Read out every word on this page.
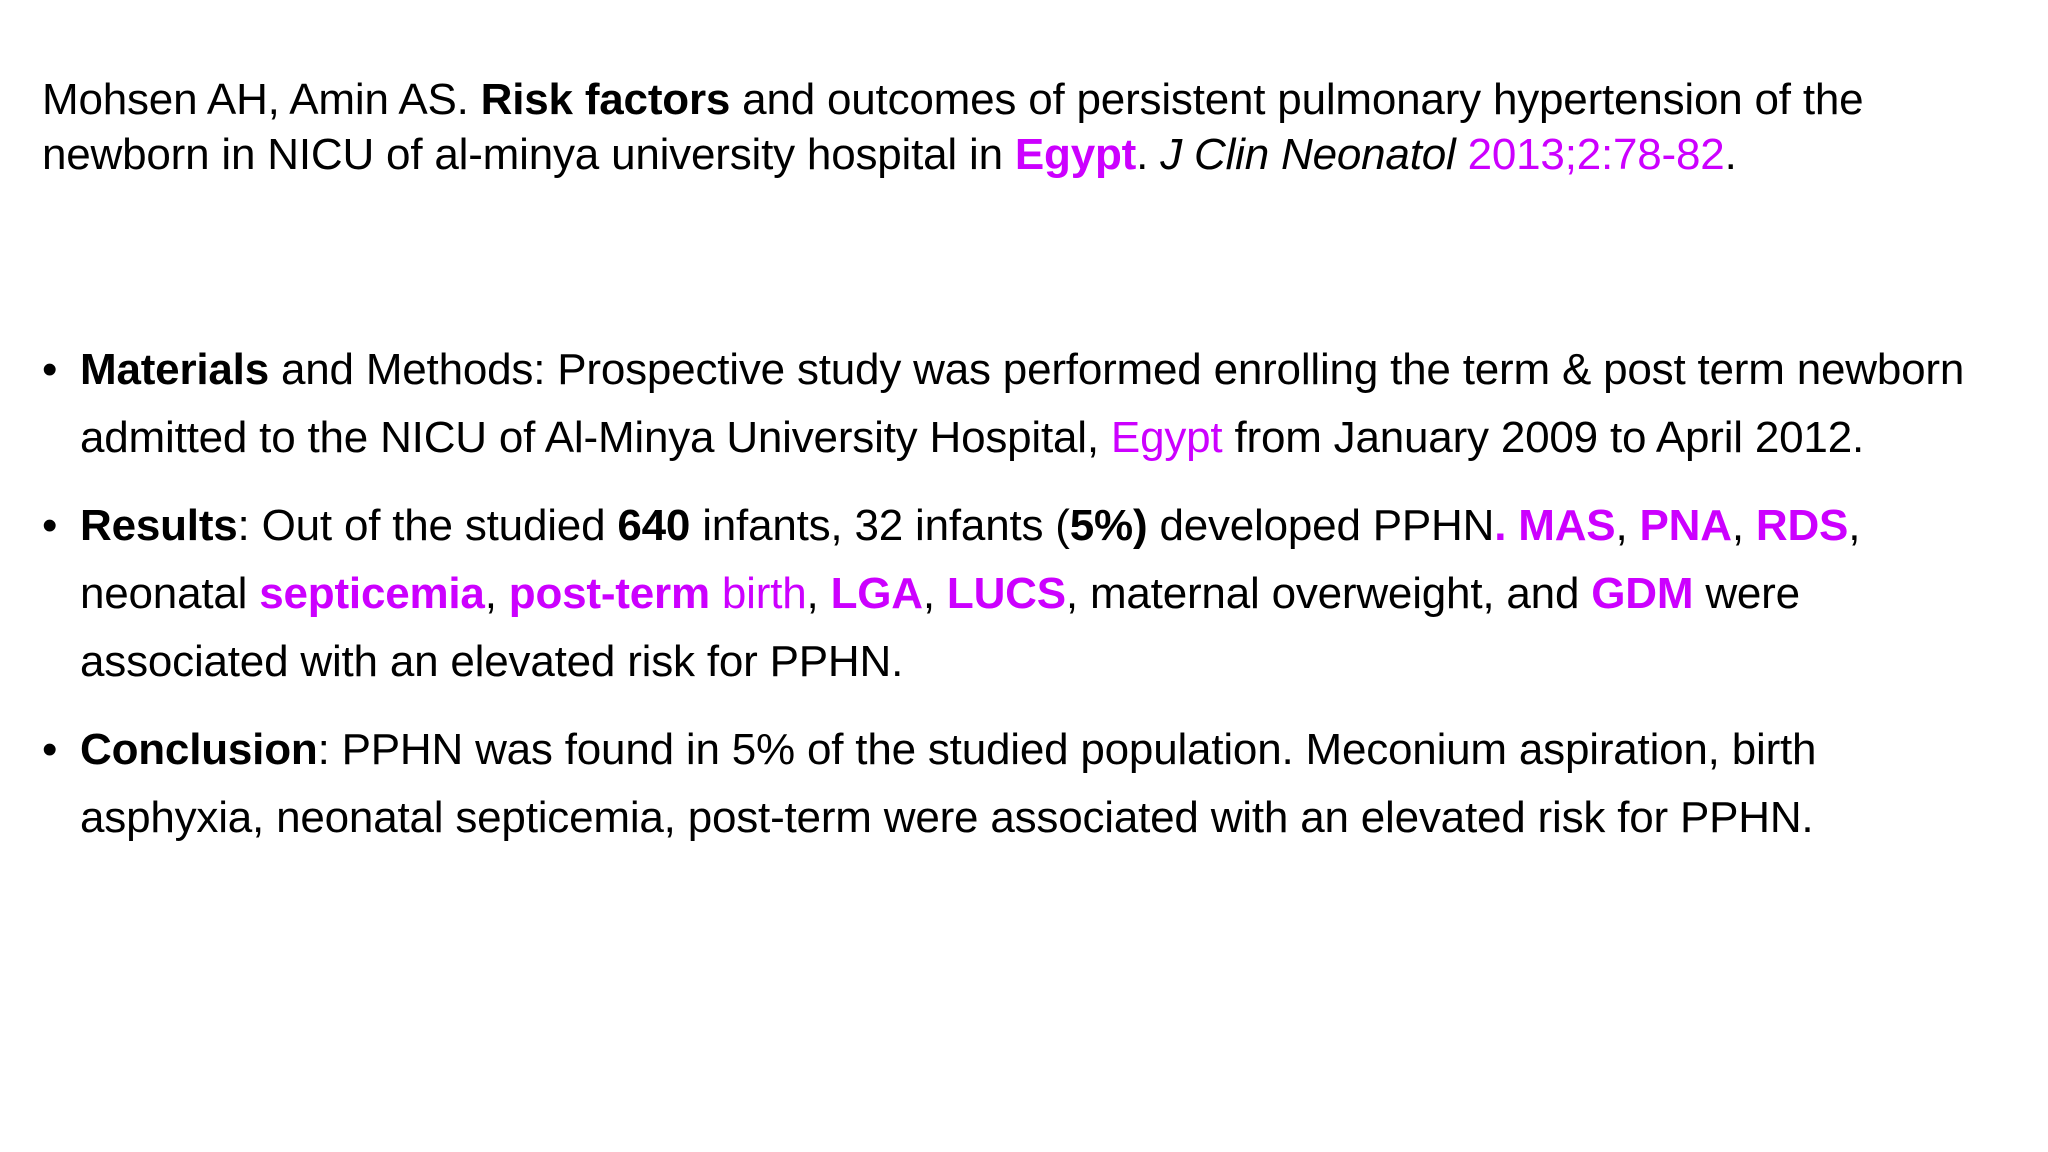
Mohsen AH, Amin AS. Risk factors and outcomes of persistent pulmonary hypertension of the newborn in NICU of al-minya university hospital in Egypt. J Clin Neonatol 2013;2:78-82.
• Materials and Methods: Prospective study was performed enrolling the term & post term newborn admitted to the NICU of Al-Minya University Hospital, Egypt from January 2009 to April 2012.
• Results: Out of the studied 640 infants, 32 infants (5%) developed PPHN. MAS, PNA, RDS, neonatal septicemia, post-term birth, LGA, LUCS, maternal overweight, and GDM were associated with an elevated risk for PPHN.
• Conclusion: PPHN was found in 5% of the studied population. Meconium aspiration, birth asphyxia, neonatal septicemia, post-term were associated with an elevated risk for PPHN.
